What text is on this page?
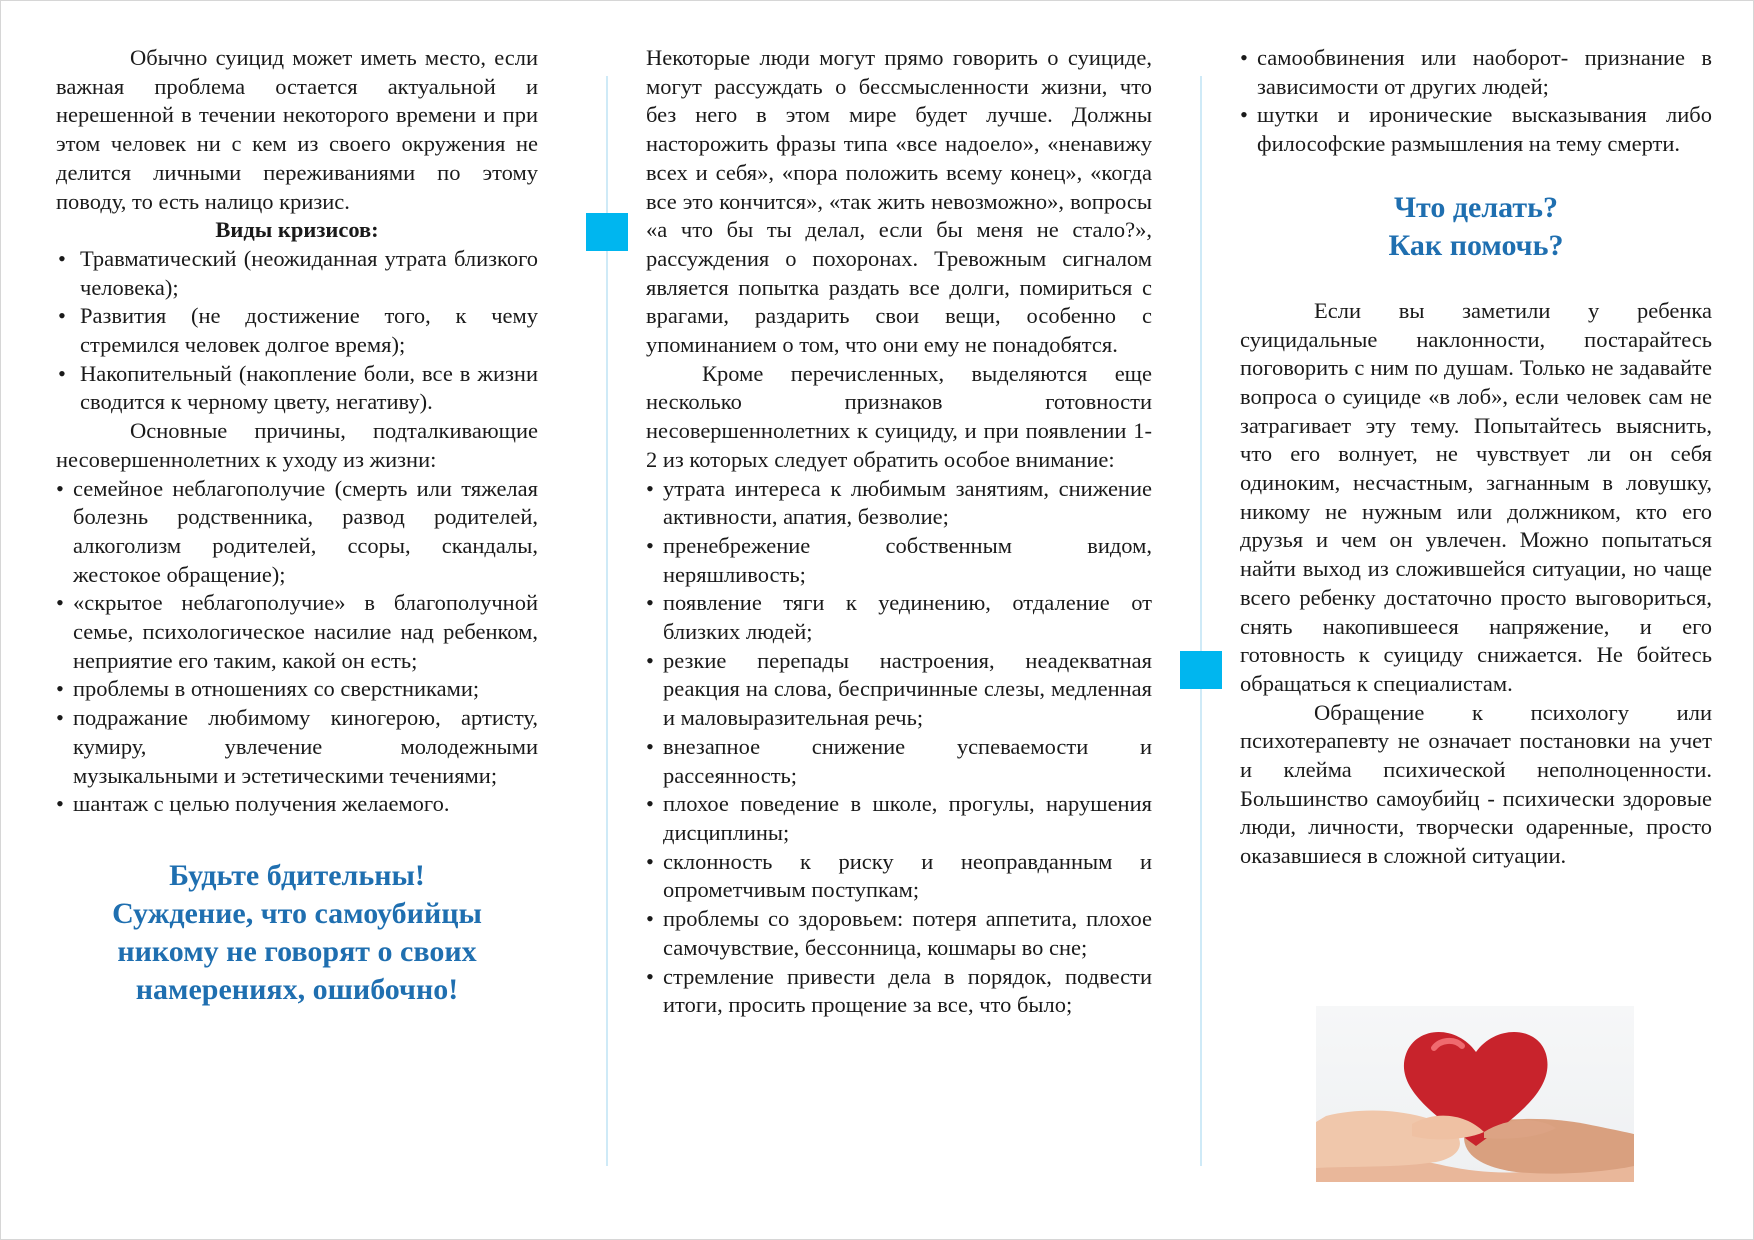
Обычно суицид может иметь место, если важная проблема остается актуальной и нерешенной в течении некоторого времени и при этом человек ни с кем из своего окружения не делится личными переживаниями по этому поводу, то есть налицо кризис.

Виды кризисов:

• Травматический (неожиданная утрата близкого человека);
• Развития (не достижение того, к чему стремился человек долгое время);
• Накопительный (накопление боли, все в жизни сводится к черному цвету, негативу).

Основные причины, подталкивающие несовершеннолетних к уходу из жизни:

• семейное неблагополучие (смерть или тяжелая болезнь родственника, развод родителей, алкоголизм родителей, ссоры, скандалы, жестокое обращение);
• «скрытое неблагополучие» в благополучной семье, психологическое насилие над ребенком, неприятие его таким, какой он есть;
• проблемы в отношениях со сверстниками;
• подражание любимому киногерою, артисту, кумиру, увлечение молодежными музыкальными и эстетическими течениями;
• шантаж с целью получения желаемого.

Будьте бдительны!

Суждение, что самоубийцы

никому не говорят о своих

намерениях, ошибочно!

Некоторые люди могут прямо говорить о суициде, могут рассуждать о бессмысленности жизни, что без него в этом мире будет лучше. Должны насторожить фразы типа «все надоело», «ненавижу всех и себя», «пора положить всему конец», «когда все это кончится», «так жить невозможно», вопросы «а что бы ты делал, если бы меня не стало?», рассуждения о похоронах. Тревожным сигналом является попытка раздать все долги, помириться с врагами, раздарить свои вещи, особенно с упоминанием о том, что они ему не понадобятся.

Кроме перечисленных, выделяются еще несколько признаков готовности несовершеннолетних к суициду, и при появлении 1-2 из которых следует обратить особое внимание:

• утрата интереса к любимым занятиям, снижение активности, апатия, безволие;
• пренебрежение собственным видом, неряшливость;
• появление тяги к уединению, отдаление от близких людей;
• резкие перепады настроения, неадекватная реакция на слова, беспричинные слезы, медленная и маловыразительная речь;
• внезапное снижение успеваемости и рассеянность;
• плохое поведение в школе, прогулы, нарушения дисциплины;
• склонность к риску и неоправданным и опрометчивым поступкам;
• проблемы со здоровьем: потеря аппетита, плохое самочувствие, бессонница, кошмары во сне;
• стремление привести дела в порядок, подвести итоги, просить прощение за все, что было;
• самообвинения или наоборот- признание в зависимости от других людей;
• шутки и иронические высказывания либо философские размышления на тему смерти.

Что делать?

Как помочь?

Если вы заметили у ребенка суицидальные наклонности, постарайтесь поговорить с ним по душам. Только не задавайте вопроса о суициде «в лоб», если человек сам не затрагивает эту тему. Попытайтесь выяснить, что его волнует, не чувствует ли он себя одиноким, несчастным, загнанным в ловушку, никому не нужным или должником, кто его друзья и чем он увлечен. Можно попытаться найти выход из сложившейся ситуации, но чаще всего ребенку достаточно просто выговориться, снять накопившееся напряжение, и его готовность к суициду снижается. Не бойтесь обращаться к специалистам.

Обращение к психологу или психотерапевту не означает постановки на учет и клейма психической неполноценности. Большинство самоубийц - психически здоровые люди, личности, творчески одаренные, просто оказавшиеся в сложной ситуации.
